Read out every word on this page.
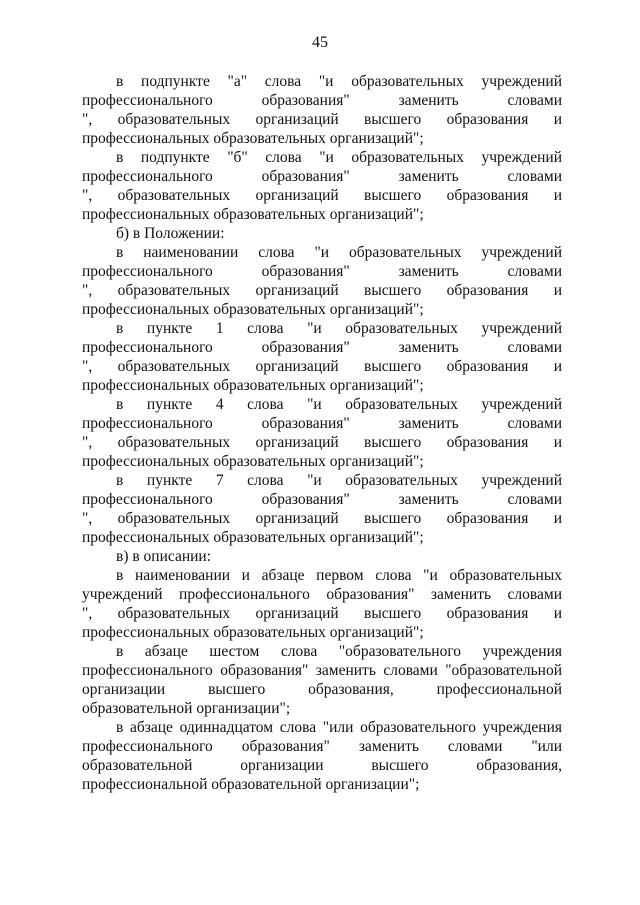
45
в подпункте "а" слова "и образовательных учреждений
профессионального образования" заменить словами
", образовательных организаций высшего образования и
профессиональных образовательных организаций";
в подпункте "б" слова "и образовательных учреждений
профессионального образования" заменить словами
", образовательных организаций высшего образования и
профессиональных образовательных организаций";
б) в Положении:
в наименовании слова "и образовательных учреждений
профессионального образования" заменить словами
", образовательных организаций высшего образования и
профессиональных образовательных организаций";
в пункте 1 слова "и образовательных учреждений
профессионального образования" заменить словами
", образовательных организаций высшего образования и
профессиональных образовательных организаций";
в пункте 4 слова "и образовательных учреждений
профессионального образования" заменить словами
", образовательных организаций высшего образования и
профессиональных образовательных организаций";
в пункте 7 слова "и образовательных учреждений
профессионального образования" заменить словами
", образовательных организаций высшего образования и
профессиональных образовательных организаций";
в) в описании:
в наименовании и абзаце первом слова "и образовательных
учреждений профессионального образования" заменить словами
", образовательных организаций высшего образования и
профессиональных образовательных организаций";
в абзаце шестом слова "образовательного учреждения
профессионального образования" заменить словами "образовательной
организации высшего образования, профессиональной
образовательной организации";
в абзаце одиннадцатом слова "или образовательного учреждения
профессионального образования" заменить словами "или
образовательной организации высшего образования,
профессиональной образовательной организации";
